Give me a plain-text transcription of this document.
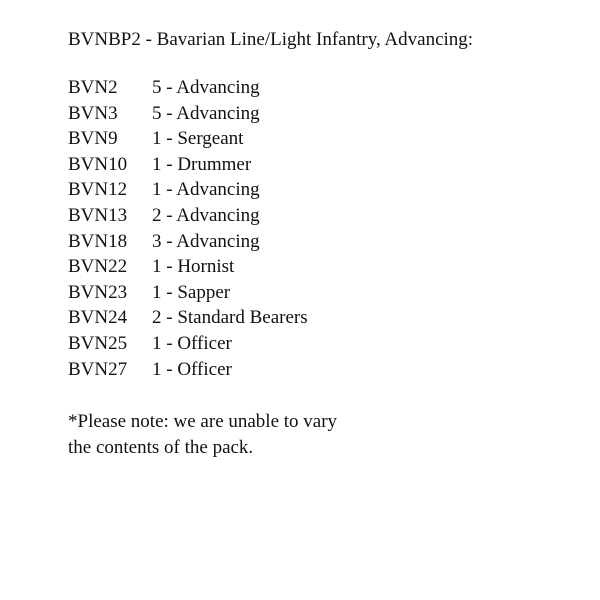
BVNBP2 - Bavarian Line/Light Infantry, Advancing:
BVN2	5 - Advancing
BVN3	5 - Advancing
BVN9	1 - Sergeant
BVN10	1 - Drummer
BVN12	1 - Advancing
BVN13	2 - Advancing
BVN18	3 - Advancing
BVN22	1 - Hornist
BVN23	1 - Sapper
BVN24	2 - Standard Bearers
BVN25	1 - Officer
BVN27	1 - Officer
*Please note: we are unable to vary
the contents of the pack.
